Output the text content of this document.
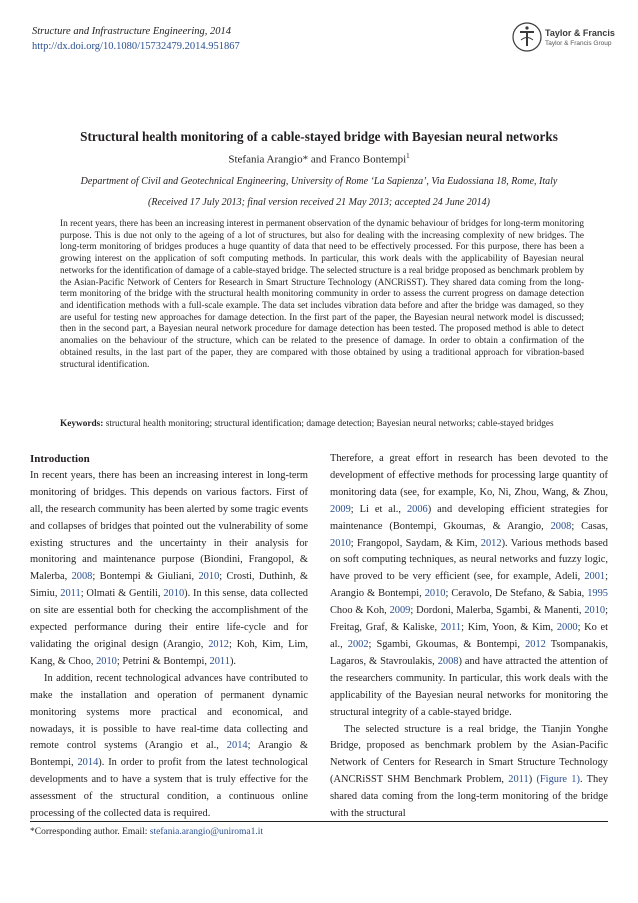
Structure and Infrastructure Engineering, 2014
http://dx.doi.org/10.1080/15732479.2014.951867
Taylor & Francis
Taylor & Francis Group
Structural health monitoring of a cable-stayed bridge with Bayesian neural networks
Stefania Arangio* and Franco Bontempi$^1$
Department of Civil and Geotechnical Engineering, University of Rome ‘La Sapienza’, Via Eudossiana 18, Rome, Italy
(Received 17 July 2013; final version received 21 May 2013; accepted 24 June 2014)
In recent years, there has been an increasing interest in permanent observation of the dynamic behaviour of bridges for long-term monitoring purpose. This is due not only to the ageing of a lot of structures, but also for dealing with the increasing complexity of new bridges. The long-term monitoring of bridges produces a huge quantity of data that need to be effectively processed. For this purpose, there has been a growing interest on the application of soft computing methods. In particular, this work deals with the applicability of Bayesian neural networks for the identification of damage of a cable-stayed bridge. The selected structure is a real bridge proposed as benchmark problem by the Asian-Pacific Network of Centers for Research in Smart Structure Technology (ANCRiSST). They shared data coming from the long-term monitoring of the bridge with the structural health monitoring community in order to assess the current progress on damage detection and identification methods with a full-scale example. The data set includes vibration data before and after the bridge was damaged, so they are useful for testing new approaches for damage detection. In the first part of the paper, the Bayesian neural network model is discussed; then in the second part, a Bayesian neural network procedure for damage detection has been tested. The proposed method is able to detect anomalies on the behaviour of the structure, which can be related to the presence of damage. In order to obtain a confirmation of the obtained results, in the last part of the paper, they are compared with those obtained by using a traditional approach for vibration-based structural identification.
Keywords: structural health monitoring; structural identification; damage detection; Bayesian neural networks; cable-stayed bridges
Introduction

In recent years, there has been an increasing interest in long-term monitoring of bridges. This depends on various factors. First of all, the research community has been alerted by some tragic events and collapses of bridges that pointed out the vulnerability of some existing structures and the uncertainty in their analysis for monitoring and maintenance purpose (Biondini, Frangopol, & Malerba, 2008; Bontempi & Giuliani, 2010; Crosti, Duthinh, & Simiu, 2011; Olmati & Gentili, 2010). In this sense, data collected on site are essential both for checking the accomplishment of the expected performance during their entire life-cycle and for validating the original design (Arangio, 2012; Koh, Kim, Lim, Kang, & Choo, 2010; Petrini & Bontempi, 2011).

In addition, recent technological advances have contributed to make the installation and operation of permanent dynamic monitoring systems more practical and economical, and nowadays, it is possible to have real-time data collecting and remote control systems (Arangio et al., 2014; Arangio & Bontempi, 2014). In order to profit from the latest technological developments and to have a system that is truly effective for the assessment of the structural condition, a continuous online processing of the collected data is required.

Therefore, a great effort in research has been devoted to the development of effective methods for processing large quantity of monitoring data (see, for example, Ko, Ni, Zhou, Wang, & Zhou, 2009; Li et al., 2006) and developing efficient strategies for maintenance (Bontempi, Gkoumas, & Arangio, 2008; Casas, 2010; Frangopol, Saydam, & Kim, 2012). Various methods based on soft computing techniques, as neural networks and fuzzy logic, have proved to be very efficient (see, for example, Adeli, 2001; Arangio & Bontempi, 2010; Ceravolo, De Stefano, & Sabia, 1995 Choo & Koh, 2009; Dordoni, Malerba, Sgambi, & Manenti, 2010; Freitag, Graf, & Kaliske, 2011; Kim, Yoon, & Kim, 2000; Ko et al., 2002; Sgambi, Gkoumas, & Bontempi, 2012 Tsompanakis, Lagaros, & Stavroulakis, 2008) and have attracted the attention of the researchers community. In particular, this work deals with the applicability of the Bayesian neural networks for monitoring the structural integrity of a cable-stayed bridge.

The selected structure is a real bridge, the Tianjin Yonghe Bridge, proposed as benchmark problem by the Asian-Pacific Network of Centers for Research in Smart Structure Technology (ANCRiSST SHM Benchmark Problem, 2011) (Figure 1). They shared data coming from the long-term monitoring of the bridge with the structural

*Corresponding author. Email: stefania.arangio@uniroma1.it
